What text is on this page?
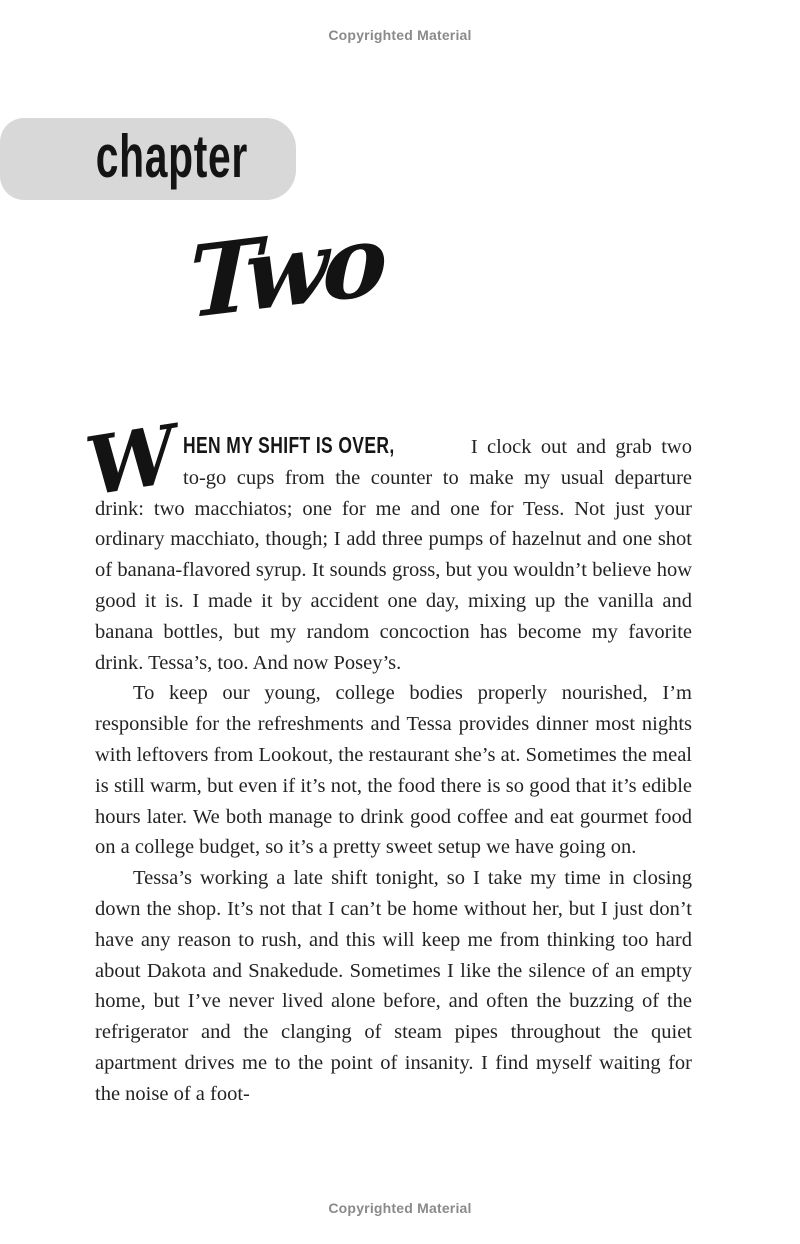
Copyrighted Material
chapter
Two

W HEN MY SHIFT IS OVER,	I clock out and grab two to-go cups from the counter to make my usual departure drink: two macchiatos; one for me and one for Tess. Not just your ordinary macchiato, though; I add three pumps of hazelnut and one shot of banana-flavored syrup. It sounds gross, but you wouldn’t believe how good it is. I made it by accident one day, mixing up the vanilla and banana bottles, but my random concoction has become my favorite drink. Tessa’s, too. And now Posey’s.

To keep our young, college bodies properly nourished, I’m responsible for the refreshments and Tessa provides dinner most nights with leftovers from Lookout, the restaurant she’s at. Sometimes the meal is still warm, but even if it’s not, the food there is so good that it’s edible hours later. We both manage to drink good coffee and eat gourmet food on a college budget, so it’s a pretty sweet setup we have going on.

Tessa’s working a late shift tonight, so I take my time in closing down the shop. It’s not that I can’t be home without her, but I just don’t have any reason to rush, and this will keep me from thinking too hard about Dakota and Snakedude. Sometimes I like the silence of an empty home, but I’ve never lived alone before, and often the buzzing of the refrigerator and the clanging of steam pipes throughout the quiet apartment drives me to the point of insanity. I find myself waiting for the noise of a foot-

Copyrighted Material
